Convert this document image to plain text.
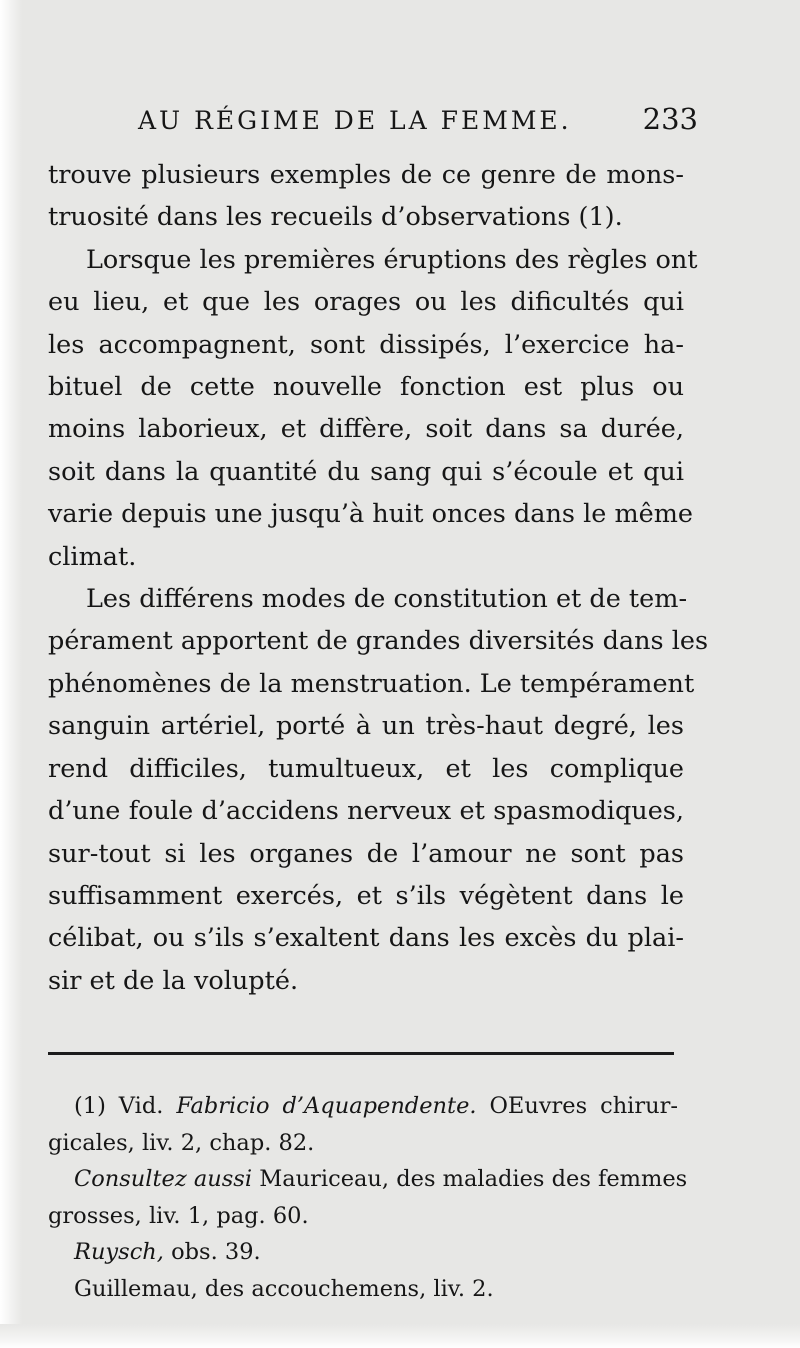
AU RÉGIME DE LA FEMME. 233
trouve plusieurs exemples de ce genre de mons-
truosité dans les recueils d’observations (1).
Lorsque les premières éruptions des règles ont
eu lieu, et que les orages ou les dificultés qui
les accompagnent, sont dissipés, l’exercice ha-
bituel de cette nouvelle fonction est plus ou
moins laborieux, et diffère, soit dans sa durée,
soit dans la quantité du sang qui s’écoule et qui
varie depuis une jusqu’à huit onces dans le même
climat.
Les différens modes de constitution et de tem-
pérament apportent de grandes diversités dans les
phénomènes de la menstruation. Le tempérament
sanguin artériel, porté à un très-haut degré, les
rend difficiles, tumultueux, et les complique
d’une foule d’accidens nerveux et spasmodiques,
sur-tout si les organes de l’amour ne sont pas
suffisamment exercés, et s’ils végètent dans le
célibat, ou s’ils s’exaltent dans les excès du plai-
sir et de la volupté.
(1) Vid. Fabricio d’Aquapendente. OEuvres chirur-
gicales, liv. 2, chap. 82.
Consultez aussi Mauriceau, des maladies des femmes
grosses, liv. 1, pag. 60.
Ruysch, obs. 39.
Guillemau, des accouchemens, liv. 2.
